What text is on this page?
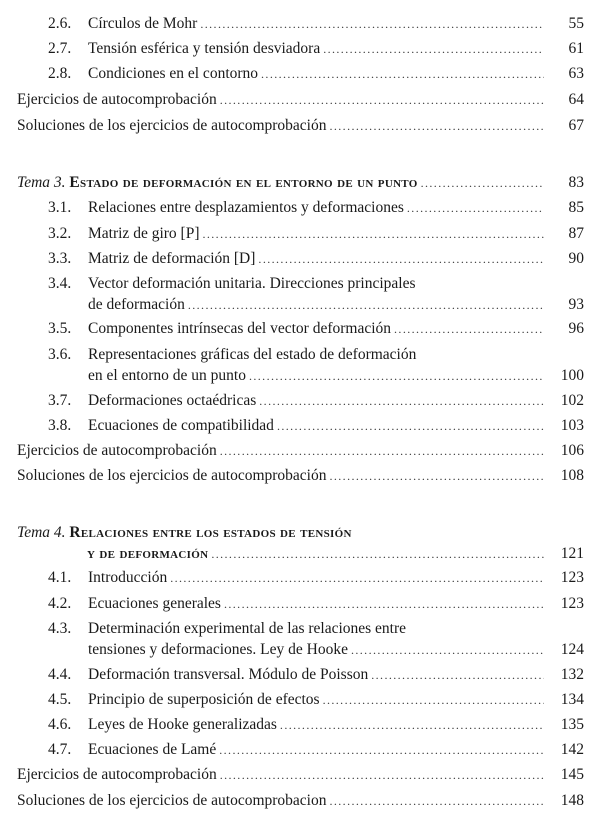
2.6. Círculos de Mohr .....	55
2.7. Tensión esférica y tensión desviadora .....	61
2.8. Condiciones en el contorno .....	63
Ejercicios de autocomprobación .....	64
Soluciones de los ejercicios de autocomprobación .....	67
Tema 3. Estado de deformación en el entorno de un punto .....	83
3.1. Relaciones entre desplazamientos y deformaciones .....	85
3.2. Matriz de giro [P] .....	87
3.3. Matriz de deformación [D] .....	90
3.4. Vector deformación unitaria. Direcciones principales
de deformación .....	93
3.5. Componentes intrínsecas del vector deformación .....	96
3.6. Representaciones gráficas del estado de deformación
en el entorno de un punto .....	100
3.7. Deformaciones octaédricas .....	102
3.8. Ecuaciones de compatibilidad .....	103
Ejercicios de autocomprobación .....	106
Soluciones de los ejercicios de autocomprobación .....	108
Tema 4. Relaciones entre los estados de tensión
y de deformación .....	121
4.1. Introducción .....	123
4.2. Ecuaciones generales .....	123
4.3. Determinación experimental de las relaciones entre
tensiones y deformaciones. Ley de Hooke .....	124
4.4. Deformación transversal. Módulo de Poisson .....	132
4.5. Principio de superposición de efectos .....	134
4.6. Leyes de Hooke generalizadas .....	135
4.7. Ecuaciones de Lamé .....	142
Ejercicios de autocomprobación .....	145
Soluciones de los ejercicios de autocomprobacion .....	148
